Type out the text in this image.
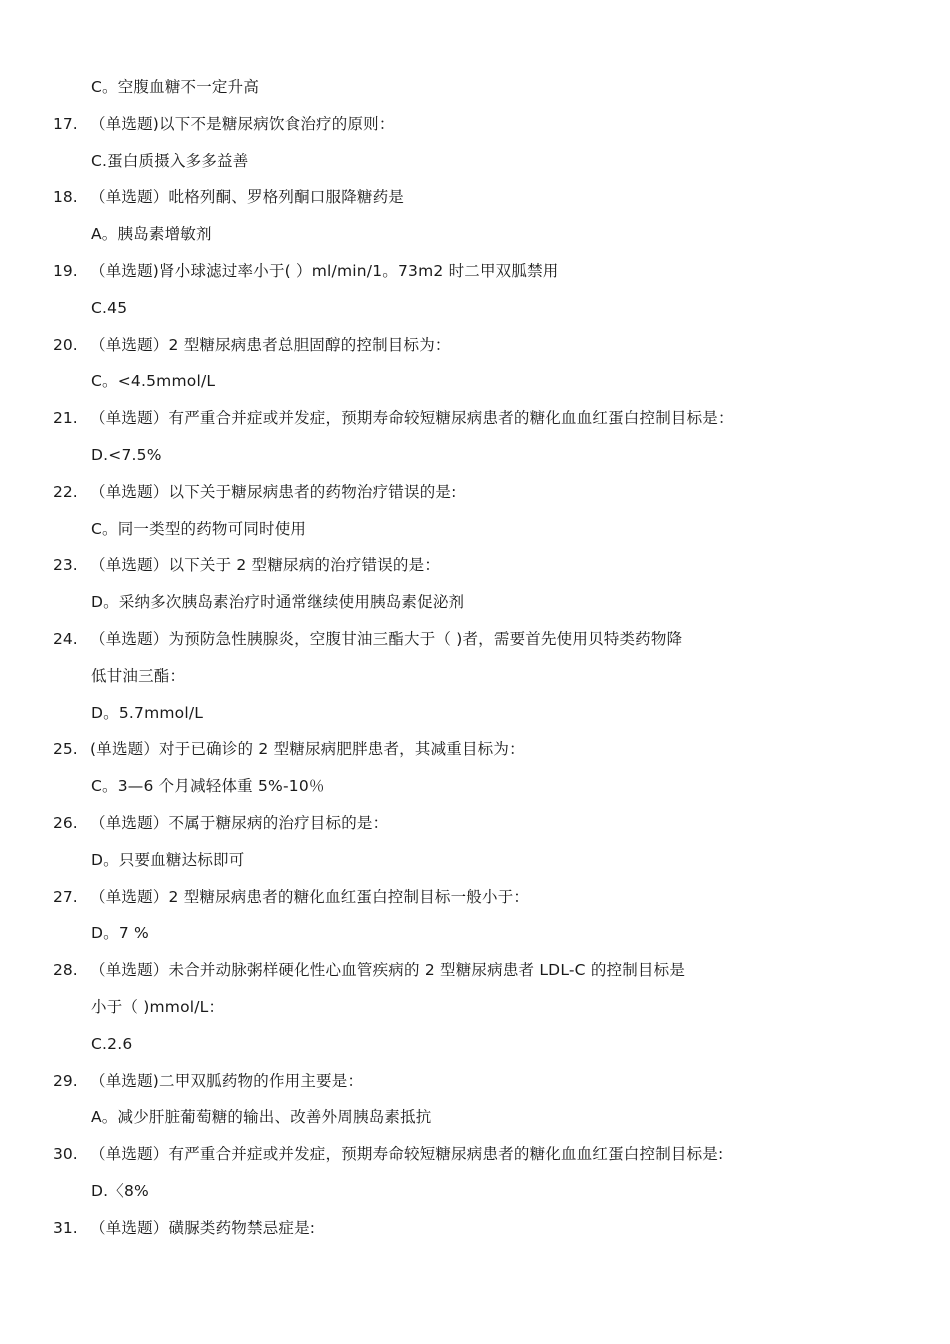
C。空腹血糖不一定升高
17. （单选题)以下不是糖尿病饮食治疗的原则：
C.蛋白质摄入多多益善
18. （单选题）吡格列酮、罗格列酮口服降糖药是
A。胰岛素增敏剂
19. （单选题)肾小球滤过率小于( ）ml/min/1。73m2 时二甲双胍禁用
C.45
20. （单选题）2 型糖尿病患者总胆固醇的控制目标为：
C。<4.5mmol/L
21. （单选题）有严重合并症或并发症，预期寿命较短糖尿病患者的糖化血血红蛋白控制目标是：
D.<7.5%
22. （单选题）以下关于糖尿病患者的药物治疗错误的是:
C。同一类型的药物可同时使用
23. （单选题）以下关于 2 型糖尿病的治疗错误的是：
D。采纳多次胰岛素治疗时通常继续使用胰岛素促泌剂
24. （单选题）为预防急性胰腺炎，空腹甘油三酯大于（ )者，需要首先使用贝特类药物降
低甘油三酯：
D。5.7mmol/L
25. (单选题）对于已确诊的 2 型糖尿病肥胖患者，其减重目标为：
C。3—6 个月减轻体重 5%-10％
26. （单选题）不属于糖尿病的治疗目标的是：
D。只要血糖达标即可
27. （单选题）2 型糖尿病患者的糖化血红蛋白控制目标一般小于：
D。7 %
28. （单选题）未合并动脉粥样硬化性心血管疾病的 2 型糖尿病患者 LDL-C 的控制目标是
小于（ )mmol/L：
C.2.6
29. （单选题)二甲双胍药物的作用主要是：
A。减少肝脏葡萄糖的输出、改善外周胰岛素抵抗
30. （单选题）有严重合并症或并发症，预期寿命较短糖尿病患者的糖化血血红蛋白控制目标是:
D.〈8%
31. （单选题）磺脲类药物禁忌症是:
